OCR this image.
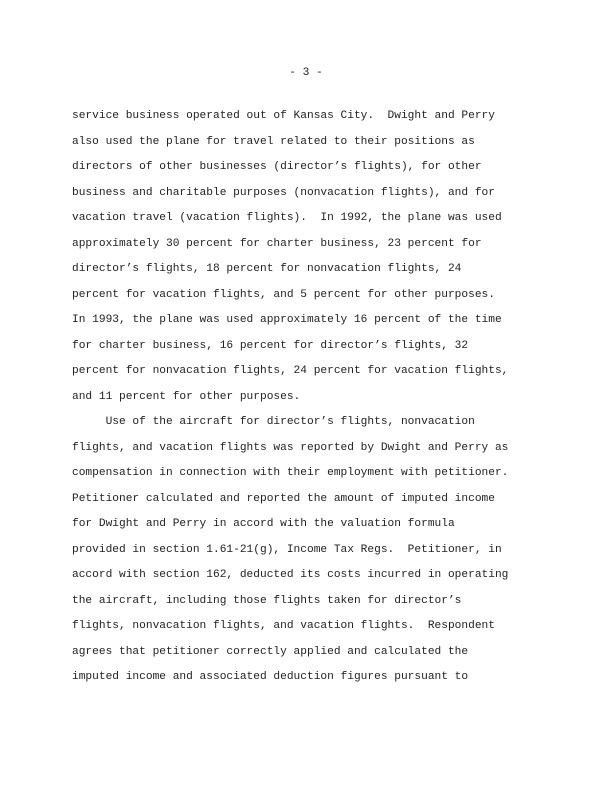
- 3 -
service business operated out of Kansas City.  Dwight and Perry
also used the plane for travel related to their positions as
directors of other businesses (director’s flights), for other
business and charitable purposes (nonvacation flights), and for
vacation travel (vacation flights).  In 1992, the plane was used
approximately 30 percent for charter business, 23 percent for
director’s flights, 18 percent for nonvacation flights, 24
percent for vacation flights, and 5 percent for other purposes.
In 1993, the plane was used approximately 16 percent of the time
for charter business, 16 percent for director’s flights, 32
percent for nonvacation flights, 24 percent for vacation flights,
and 11 percent for other purposes.
Use of the aircraft for director’s flights, nonvacation
flights, and vacation flights was reported by Dwight and Perry as
compensation in connection with their employment with petitioner.
Petitioner calculated and reported the amount of imputed income
for Dwight and Perry in accord with the valuation formula
provided in section 1.61-21(g), Income Tax Regs.  Petitioner, in
accord with section 162, deducted its costs incurred in operating
the aircraft, including those flights taken for director’s
flights, nonvacation flights, and vacation flights.  Respondent
agrees that petitioner correctly applied and calculated the
imputed income and associated deduction figures pursuant to
